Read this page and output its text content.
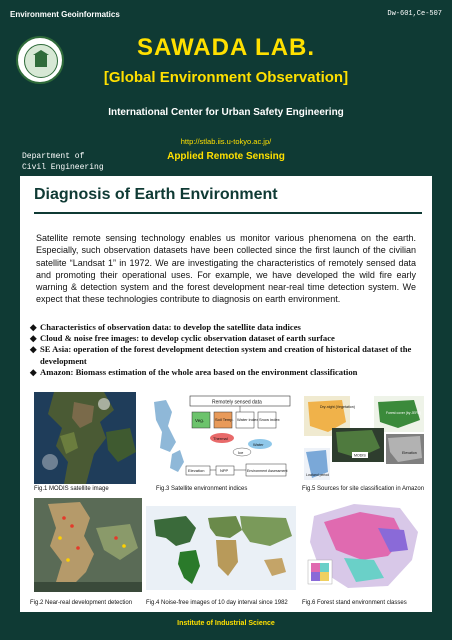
Environment Geoinformatics	Dw-601,Ce-507
SAWADA LAB.
[Global Environment Observation]
International Center for Urban Safety Engineering
http://stlab.iis.u-tokyo.ac.jp/
Department of
Civil Engineering
Applied Remote Sensing
Diagnosis of Earth Environment
Satellite remote sensing technology enables us monitor various phenomena on the earth. Especially, such observation datasets have been collected since the first launch of the civilian satellite “Landsat 1” in 1972. We are investigating the characteristics of remotely sensed data and promoting their operational uses. For example, we have developed the wild fire early warning & detection system and the forest development near-real time detection system. We expect that these technologies contribute to diagnosis on earth environment.
◆ Characteristics of observation data: to develop the satellite data indices
◆ Cloud & noise free images: to develop cyclic observation dataset of earth surface
◆ SE Asia: operation of the forest development detection system and creation of historical dataset of the development
◆ Amazon: Biomass estimation of the whole area based on the environment classification
Fig.1 MODIS satellite image
Remotely sensed data
Veg.	Soil Temp. Water index Snow index
Thermal
Water
Ice
Elevation	NPP	Environment Assessment
Fig.3 Satellite environment indices
Dry-night (Vegetation)
Forest cover (by JERS)
MODIS
Elevation
Lowland period
Fig.5 Sources for site classification in Amazon
Fig.2 Near-real development detection Fig.4 Noise-free images of 10 day interval since 1982 Fig.6 Forest stand environment classes
Institute of Industrial Science
